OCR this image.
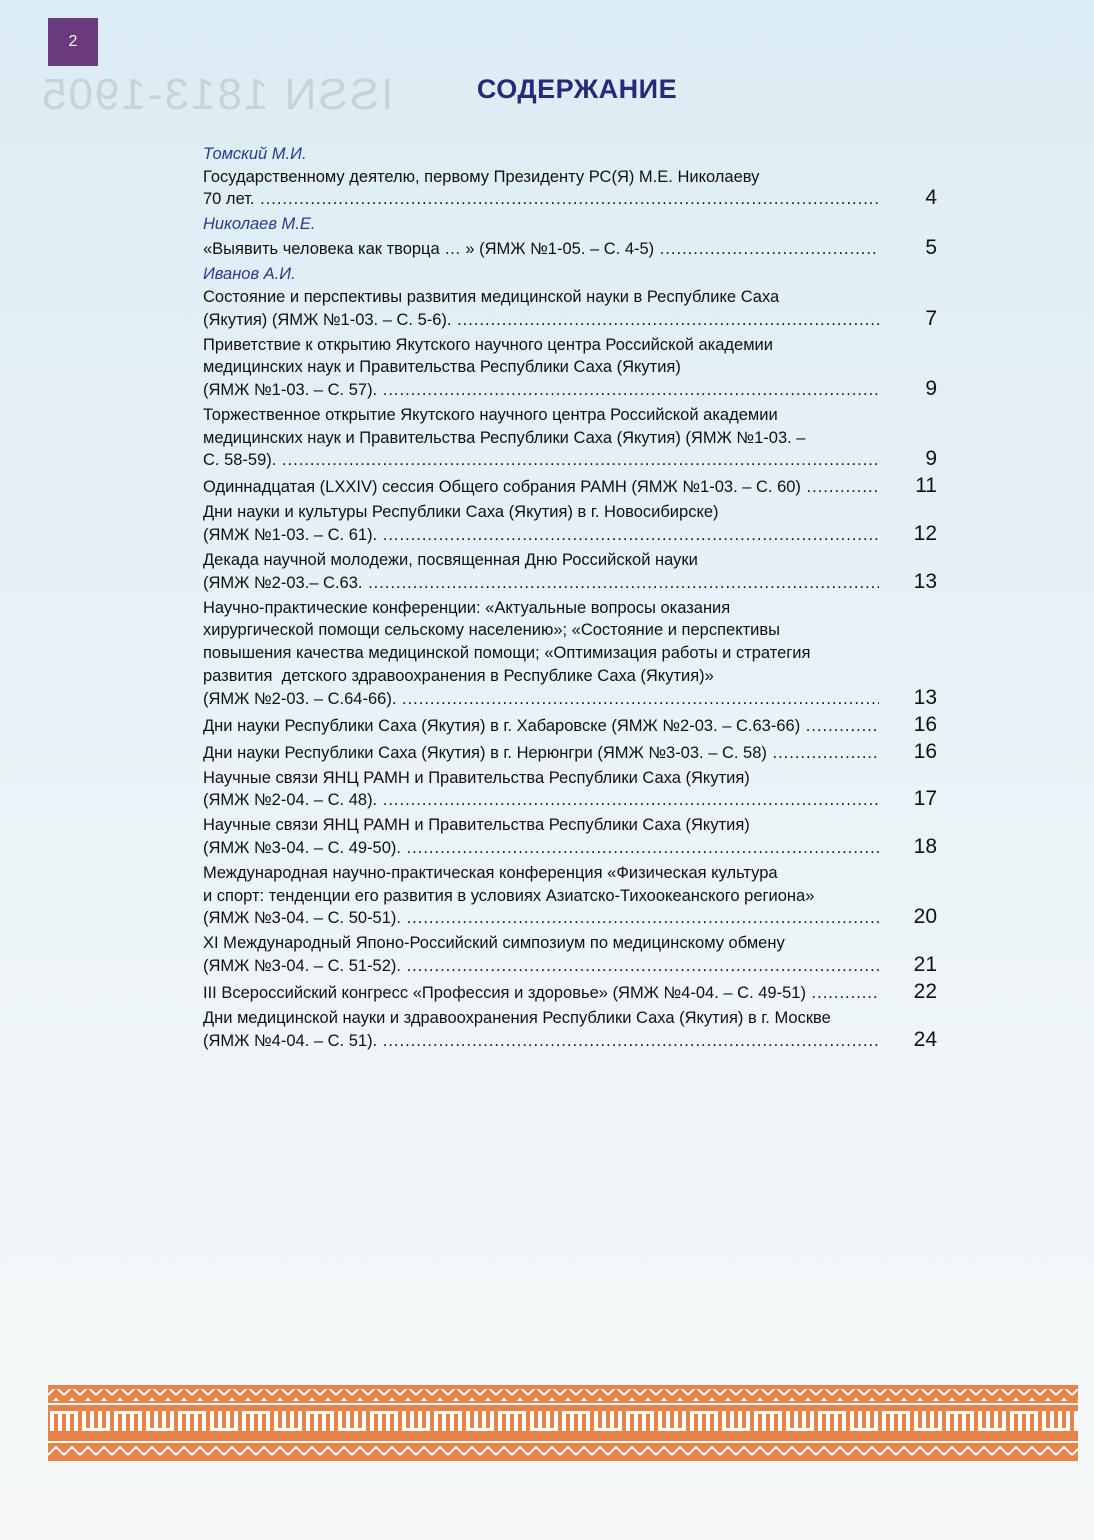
2
ISSN 1813-1905	СОДЕРЖАНИЕ
Томский М.И.
Государственному деятелю, первому Президенту РС(Я) М.Е. Николаеву

70 лет. .....	4
Николаев М.Е.
«Выявить человека как творца … » (ЯМЖ №1-05. – С. 4-5) .....	5
Иванов А.И.
Состояние и перспективы развития медицинской науки в Республике Саха

(Якутия) (ЯМЖ №1-03. – С. 5-6). .....	7
Приветствие к открытию Якутского научного центра Российской академии
медицинских наук и Правительства Республики Саха (Якутия)

(ЯМЖ №1-03. – С. 57). .....	9
Торжественное открытие Якутского научного центра Российской академии
медицинских наук и Правительства Республики Саха (Якутия) (ЯМЖ №1-03. –

С. 58-59). .....	9
Одиннадцатая (LXXIV) сессия Общего собрания РАМН (ЯМЖ №1-03. – С. 60) .....	11
Дни науки и культуры Республики Саха (Якутия) в г. Новосибирске)

(ЯМЖ №1-03. – С. 61). .....	12
Декада научной молодежи, посвященная Дню Российской науки

(ЯМЖ №2-03.– С.63. .....	13
Научно-практические конференции: «Актуальные вопросы оказания
хирургической помощи сельскому населению»; «Состояние и перспективы
повышения качества медицинской помощи; «Оптимизация работы и стратегия
развития  детского здравоохранения в Республике Саха (Якутия)»

(ЯМЖ №2-03. – С.64-66). .....	13
Дни науки Республики Саха (Якутия) в г. Хабаровске (ЯМЖ №2-03. – С.63-66) .....	16
Дни науки Республики Саха (Якутия) в г. Нерюнгри (ЯМЖ №3-03. – С. 58) .....	16
Научные связи ЯНЦ РАМН и Правительства Республики Саха (Якутия)

(ЯМЖ №2-04. – С. 48). .....	17
Научные связи ЯНЦ РАМН и Правительства Республики Саха (Якутия)

(ЯМЖ №3-04. – С. 49-50). .....	18
Международная научно-практическая конференция «Физическая культура
и спорт: тенденции его развития в условиях Азиатско-Тихоокеанского региона»

(ЯМЖ №3-04. – С. 50-51). .....	20
XI Международный Японо-Российский симпозиум по медицинскому обмену

(ЯМЖ №3-04. – С. 51-52). .....	21
III Всероссийский конгресс «Профессия и здоровье» (ЯМЖ №4-04. – С. 49-51) .....	22
Дни медицинской науки и здравоохранения Республики Саха (Якутия) в г. Москве

(ЯМЖ №4-04. – С. 51). .....	24
